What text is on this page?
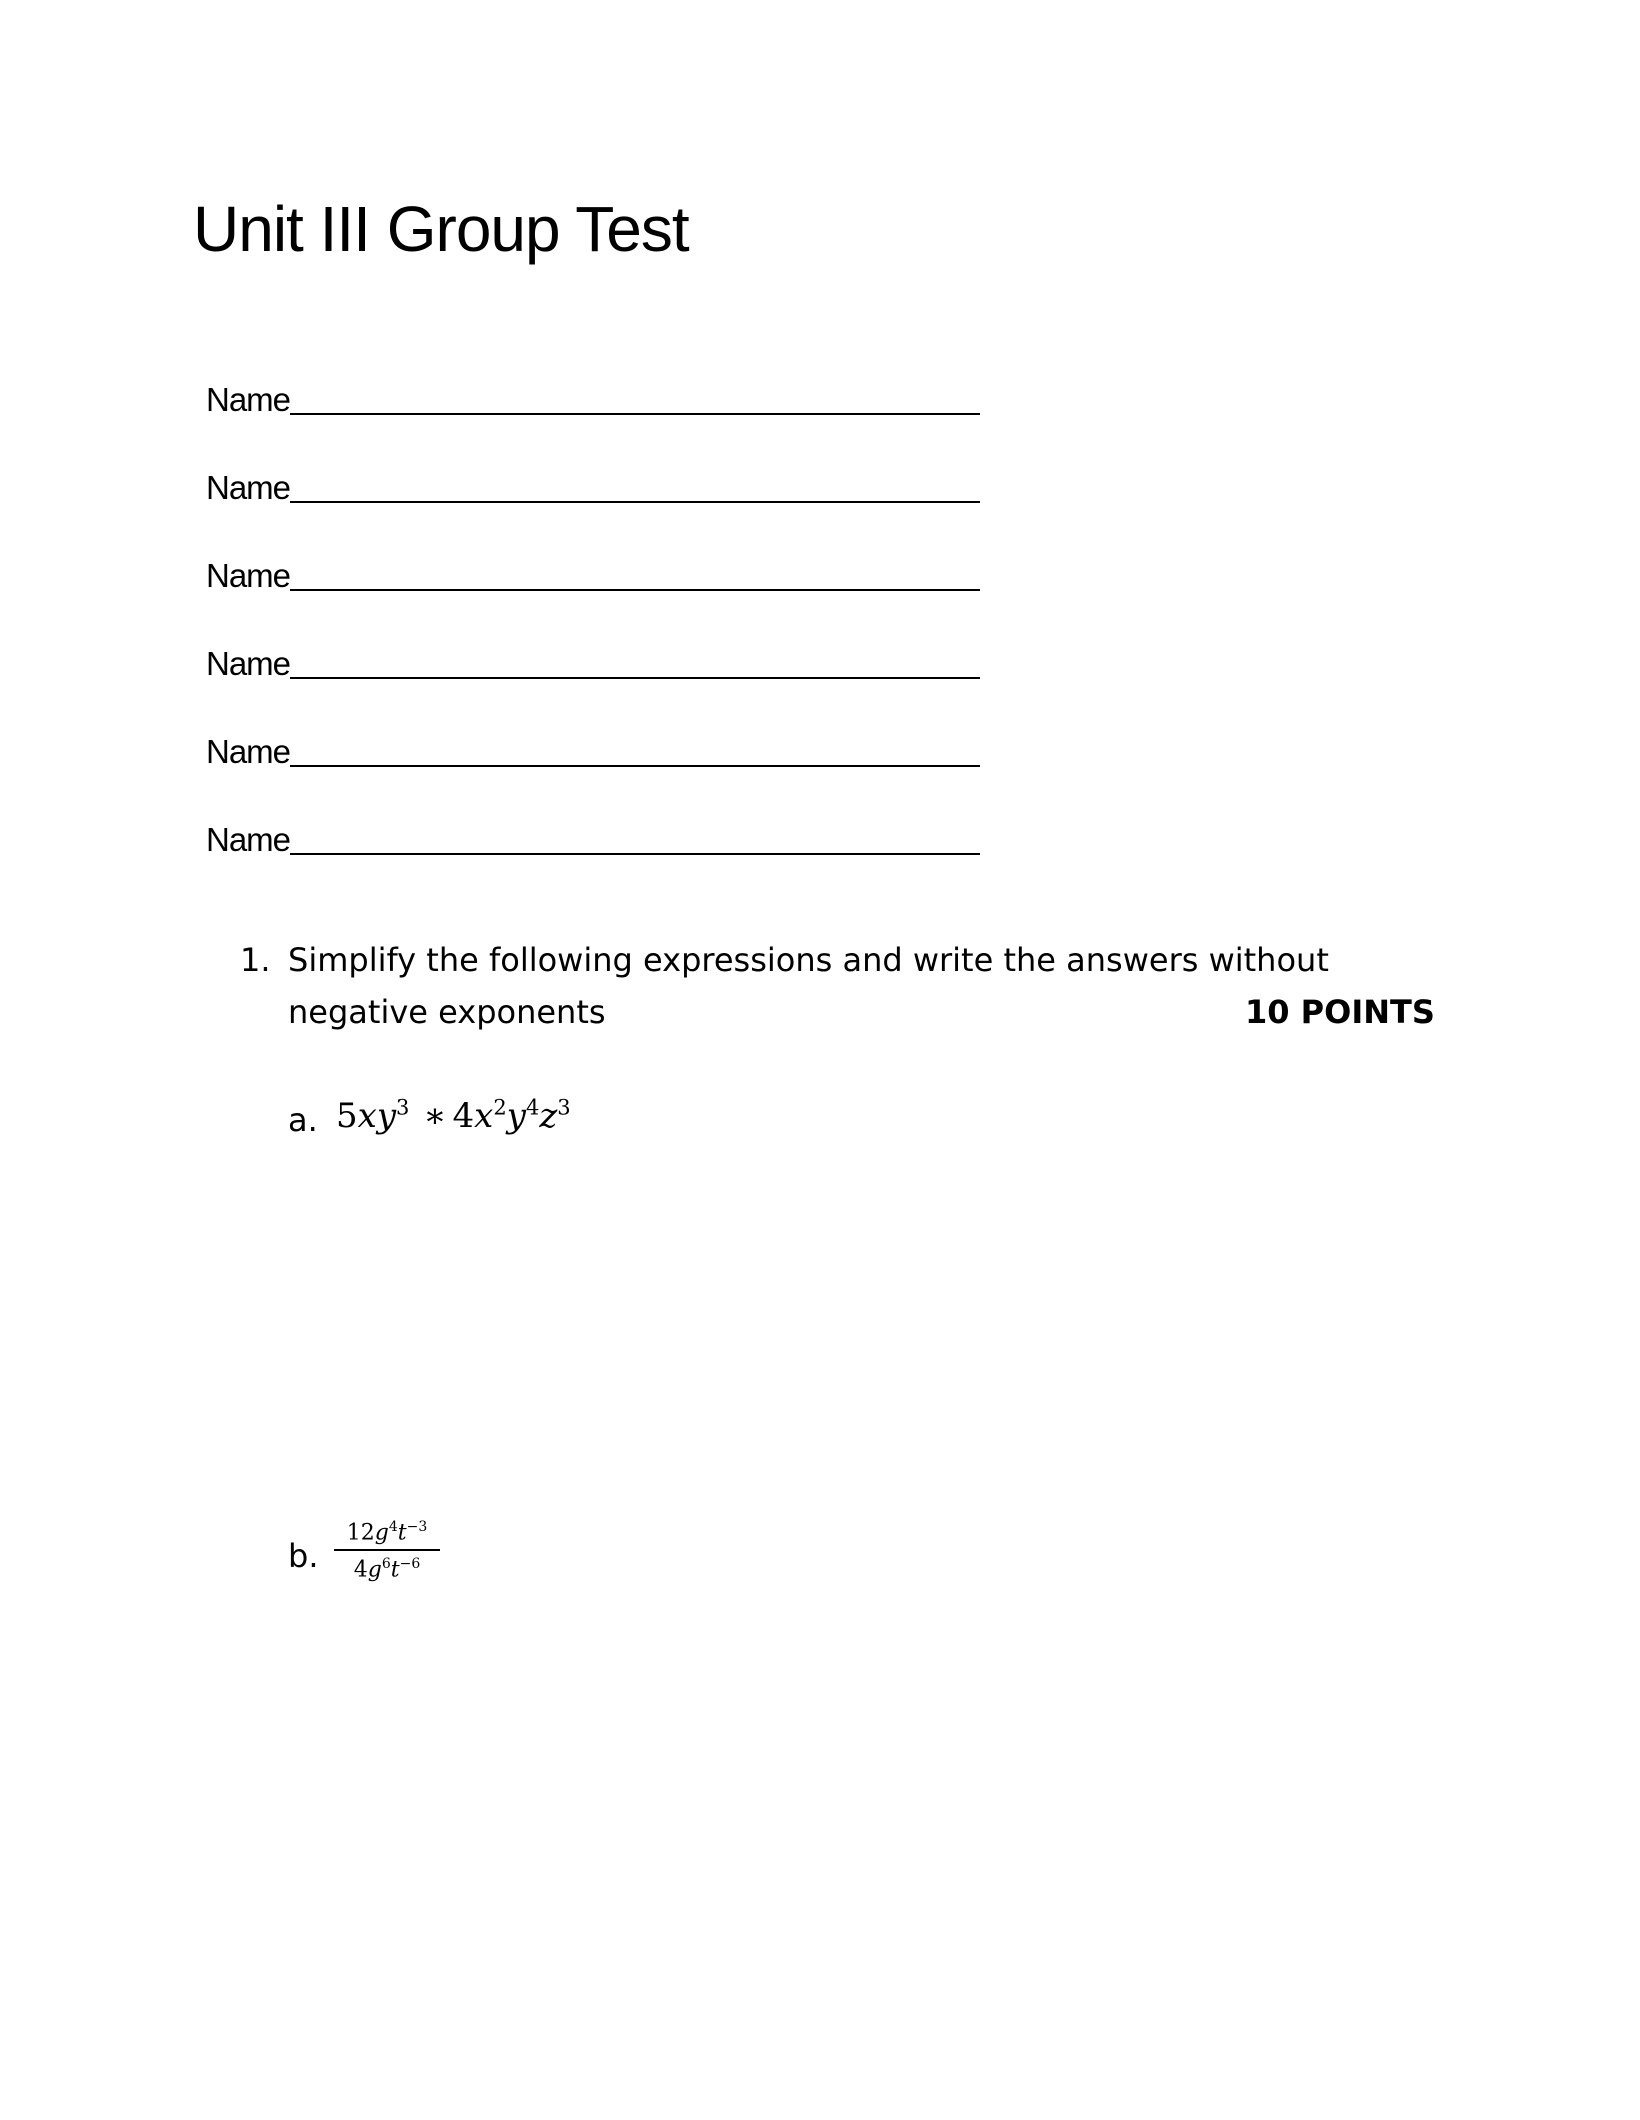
Unit III Group Test
Name
Name
Name
Name
Name
Name
1. Simplify the following expressions and write the answers without
negative exponents	10 POINTS
a. $5xy^3$ ∗ $4x^2y^4z^3$
b.
$12g^4t^{-3}$
$4g^6t^{-6}$
